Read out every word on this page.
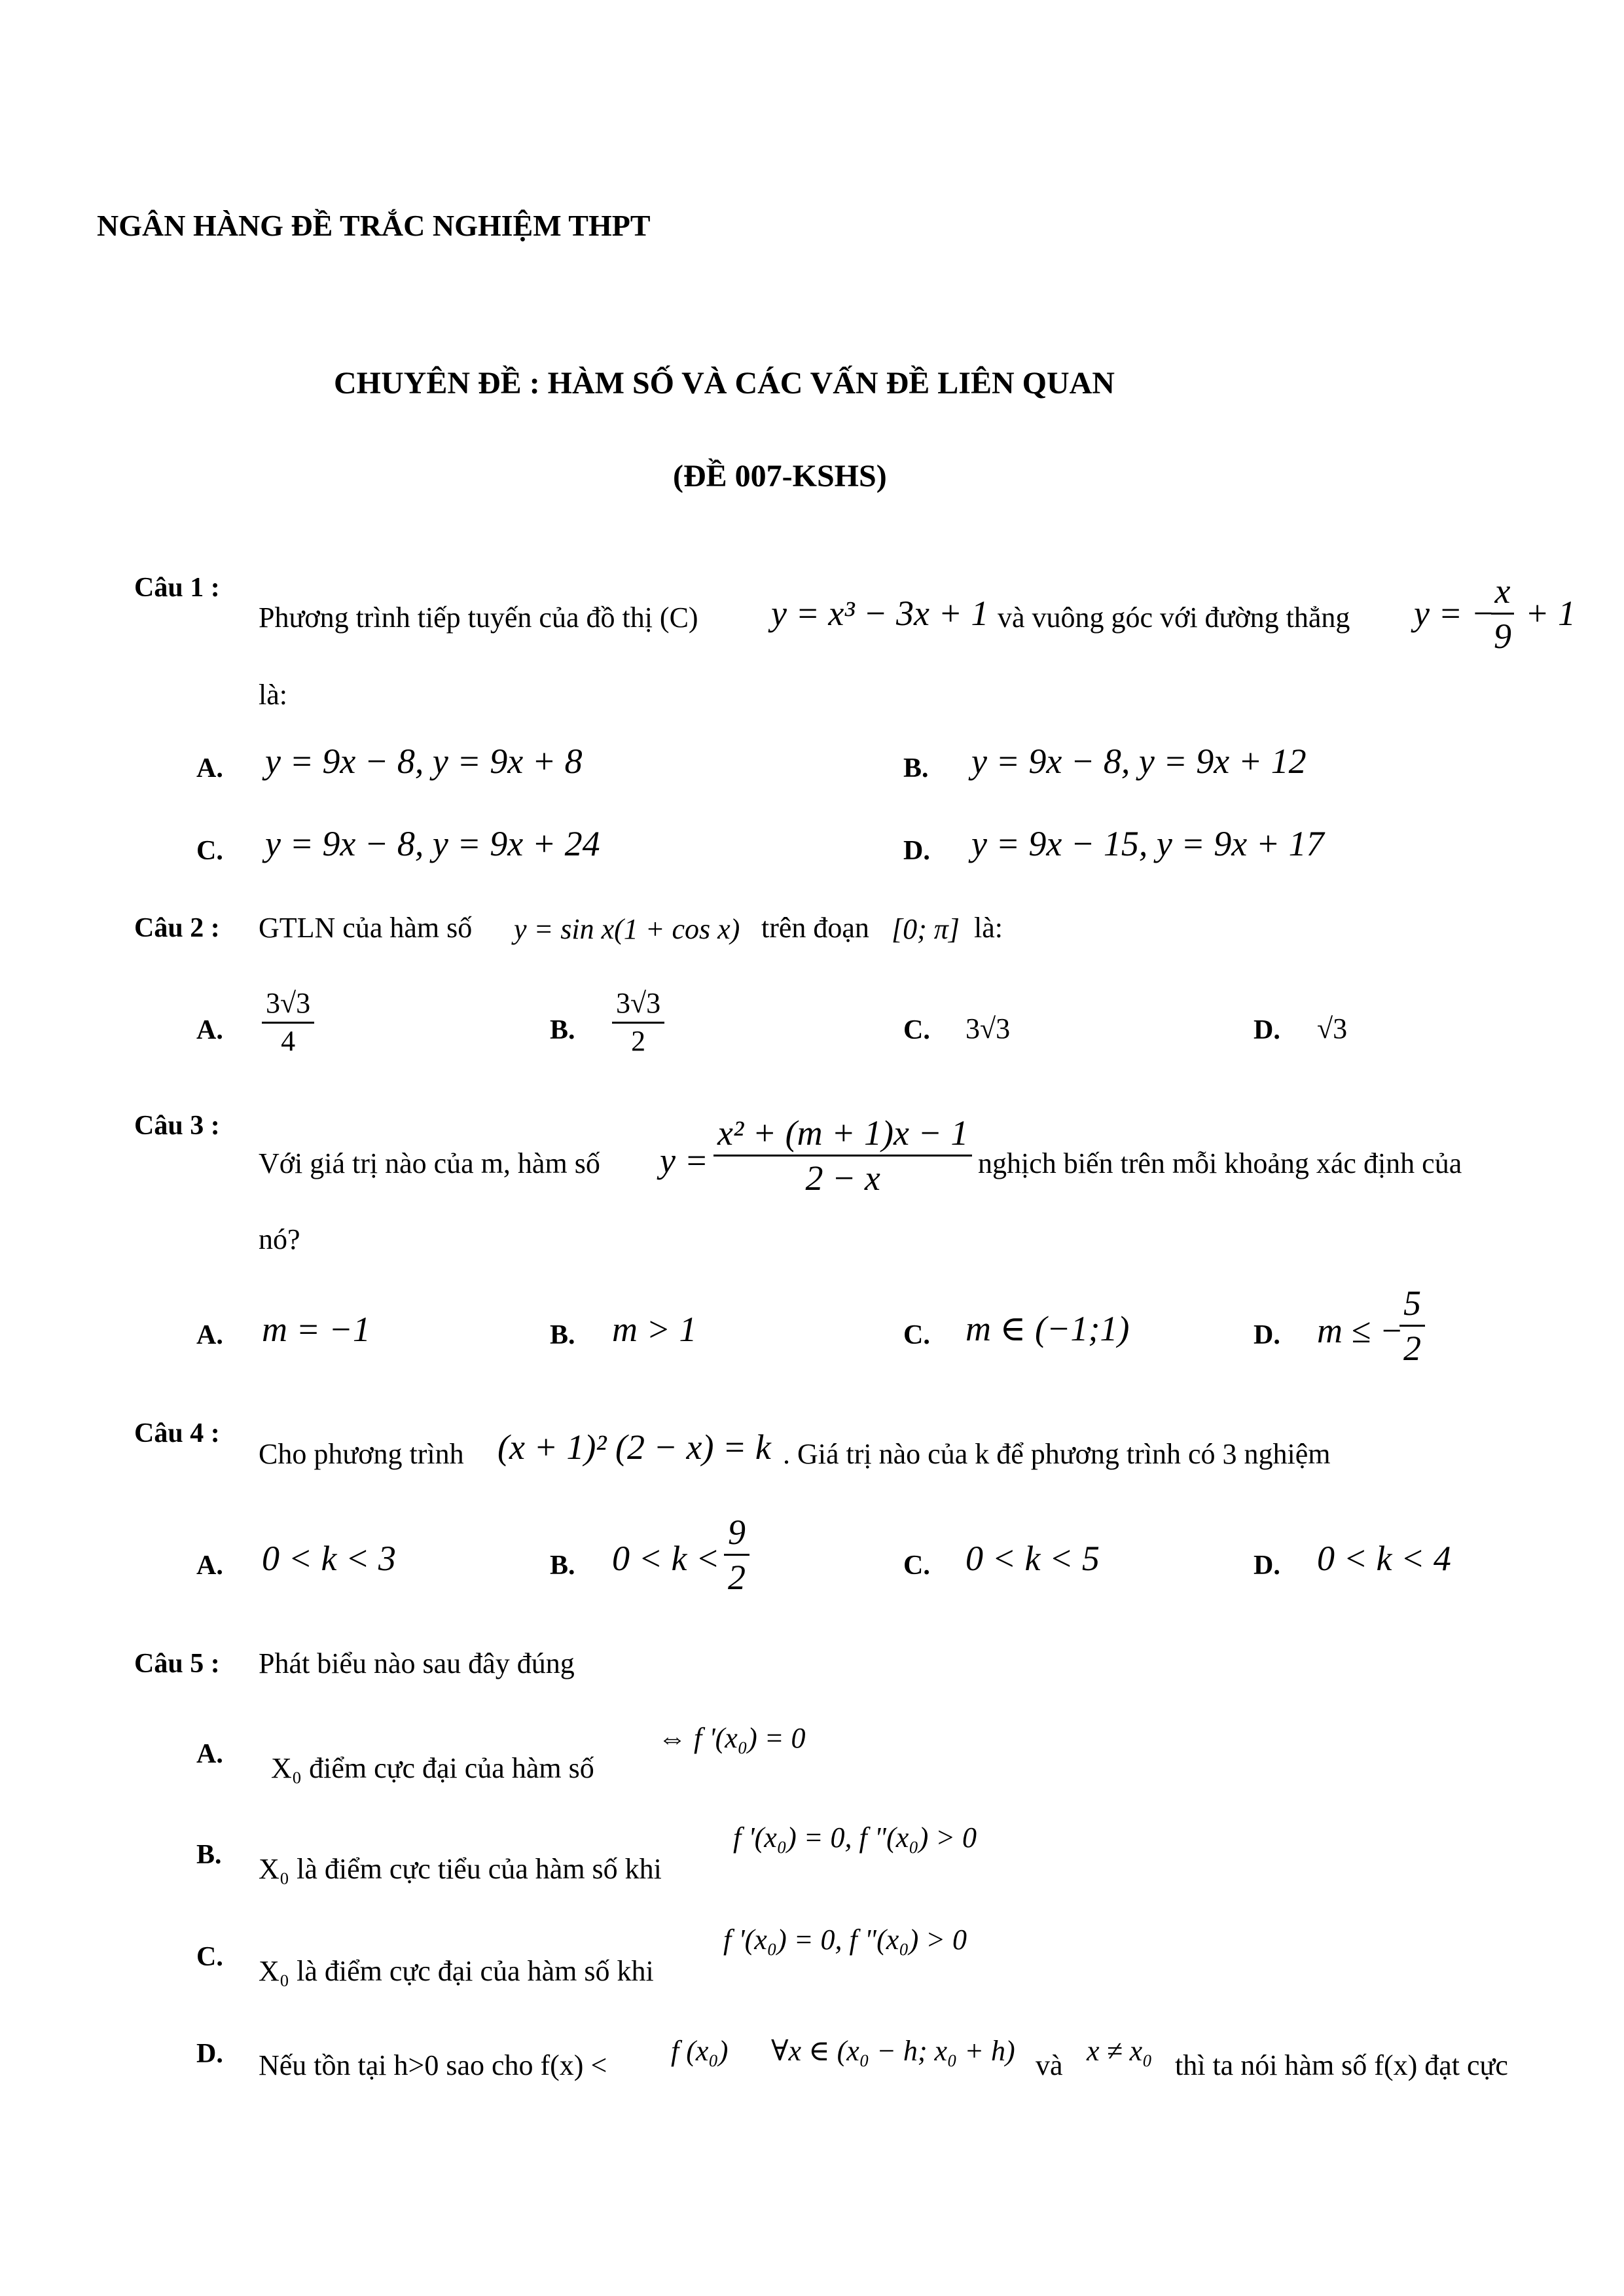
NGÂN HÀNG ĐỀ TRẮC NGHIỆM THPT
CHUYÊN ĐỀ : HÀM SỐ VÀ CÁC VẤN ĐỀ LIÊN QUAN
(ĐỀ 007-KSHS)
Câu 1 :
Phương trình tiếp tuyến của đồ thị (C) y = x³ − 3x + 1 và vuông góc với đường thẳng y = −
$\frac{x}{9} + 1$
là:
A. y = 9x − 8, y = 9x + 8	B. y = 9x − 8, y = 9x + 12
C. y = 9x − 8, y = 9x + 24	D. y = 9x − 15, y = 9x + 17
Câu 2 : GTLN của hàm số y = sin x(1 + cos x) trên đoạn [0; π] là:
A. $\frac{3√3}{4}$	B. $\frac{3√3}{2}$	C. 3√3	D. √3
Câu 3 :
Với giá trị nào của m, hàm số $y = \frac{\text{x² + (m + 1)x − 1}}{2 - x}$ nghịch biến trên mỗi khoảng xác định của
nó?
A. m = −1	B. m > 1	C. m ∈ (−1;1)	D. m ≤ −
$\frac{5}{2}$
Câu 4 :
Cho phương trình (x + 1)² (2 − x) = k . Giá trị nào của k để phương trình có 3 nghiệm
A. 0 < k < 3	B. $0 < k < \frac{9}{2}$	C. 0 < k < 5	D. 0 < k < 4
Câu 5 : Phát biểu nào sau đây đúng
A.	⇔ f '(x₀) = 0
X₀ điểm cực đại của hàm số
B.
f '(x₀) = 0, f "(x₀) > 0
X₀ là điểm cực tiểu của hàm số khi
C.
f '(x₀) = 0, f "(x₀) > 0
X₀ là điểm cực đại của hàm số khi
D. Nếu tồn tại h>0 sao cho f(x) < f (x₀) ∀x ∈ (x₀ − h; x₀ + h) và x ≠ x₀ thì ta nói hàm số f(x) đạt cực
